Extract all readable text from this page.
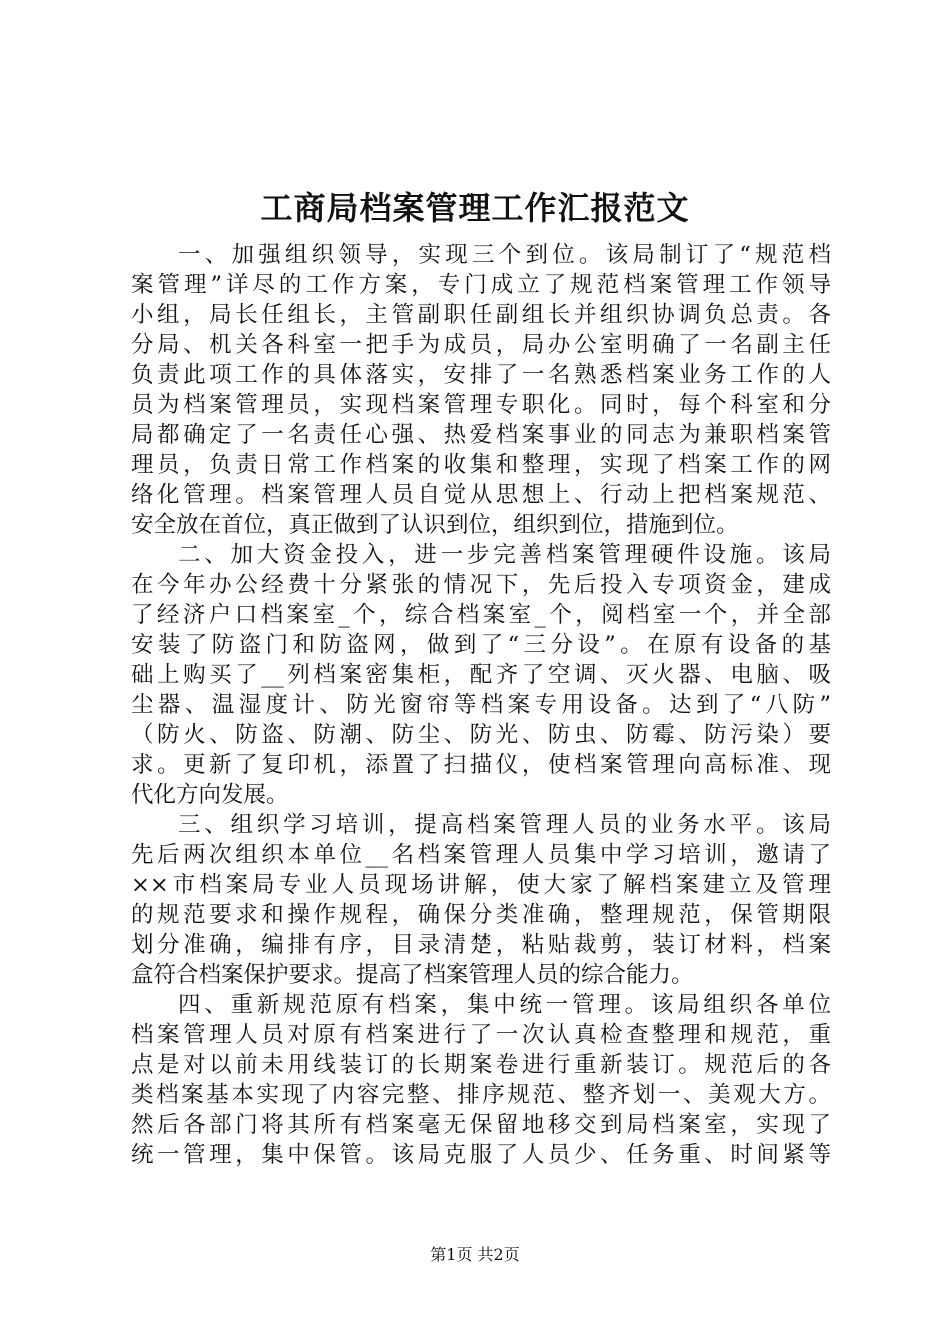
工商局档案管理工作汇报范文
一、加强组织领导，实现三个到位。该局制订了“规范档
案管理”详尽的工作方案，专门成立了规范档案管理工作领导
小组，局长任组长，主管副职任副组长并组织协调负总责。各
分局、机关各科室一把手为成员，局办公室明确了一名副主任
负责此项工作的具体落实，安排了一名熟悉档案业务工作的人
员为档案管理员，实现档案管理专职化。同时，每个科室和分
局都确定了一名责任心强、热爱档案事业的同志为兼职档案管
理员，负责日常工作档案的收集和整理，实现了档案工作的网
络化管理。档案管理人员自觉从思想上、行动上把档案规范、
安全放在首位，真正做到了认识到位，组织到位，措施到位。
二、加大资金投入，进一步完善档案管理硬件设施。该局
在今年办公经费十分紧张的情况下，先后投入专项资金，建成
了经济户口档案室_个，综合档案室_个，阅档室一个，并全部
安装了防盗门和防盗网，做到了“三分设”。在原有设备的基
础上购买了__列档案密集柜，配齐了空调、灭火器、电脑、吸
尘器、温湿度计、防光窗帘等档案专用设备。达到了“八防”
（防火、防盗、防潮、防尘、防光、防虫、防霉、防污染）要
求。更新了复印机，添置了扫描仪，使档案管理向高标准、现
代化方向发展。
三、组织学习培训，提高档案管理人员的业务水平。该局
先后两次组织本单位__名档案管理人员集中学习培训，邀请了
××市档案局专业人员现场讲解，使大家了解档案建立及管理
的规范要求和操作规程，确保分类准确，整理规范，保管期限
划分准确，编排有序，目录清楚，粘贴裁剪，装订材料，档案
盒符合档案保护要求。提高了档案管理人员的综合能力。
四、重新规范原有档案，集中统一管理。该局组织各单位
档案管理人员对原有档案进行了一次认真检查整理和规范，重
点是对以前未用线装订的长期案卷进行重新装订。规范后的各
类档案基本实现了内容完整、排序规范、整齐划一、美观大方。
然后各部门将其所有档案毫无保留地移交到局档案室，实现了
统一管理，集中保管。该局克服了人员少、任务重、时间紧等
第1页 共2页
